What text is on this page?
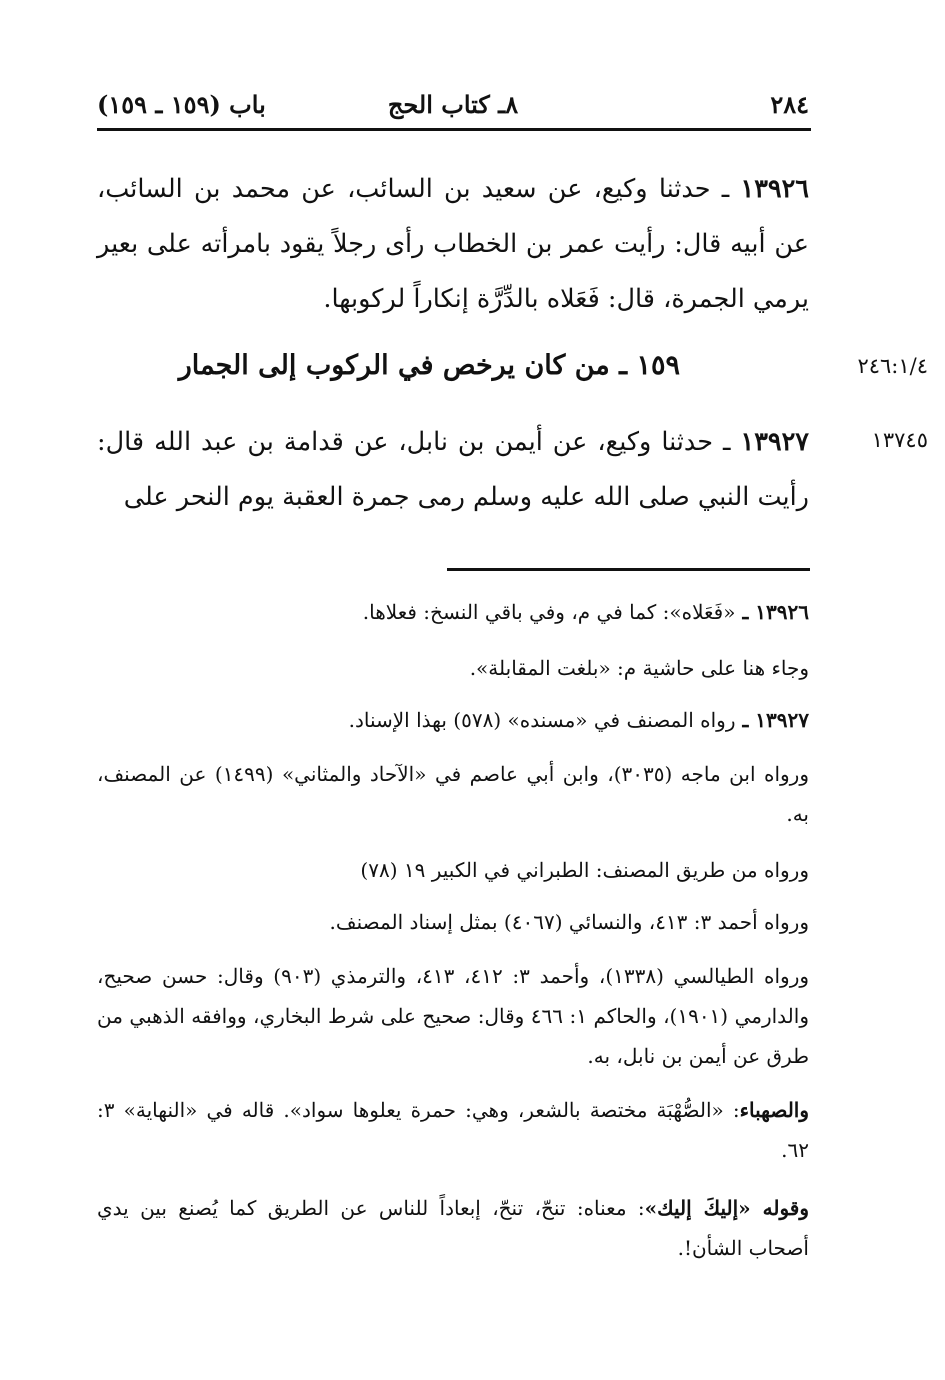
٢٨٤
٨ـ كتاب الحج
باب (١٥٩ ـ ١٥٩)
١٣٩٢٦ ـ حدثنا وكيع، عن سعيد بن السائب، عن محمد بن السائب، عن أبيه قال: رأيت عمر بن الخطاب رأى رجلاً يقود بامرأته على بعير يرمي الجمرة، قال: فَعَلاه بالدِّرَّة إنكاراً لركوبها.
٢٤٦:١/٤
١٥٩ ـ من كان يرخص في الركوب إلى الجمار
١٣٧٤٥
١٣٩٢٧ ـ حدثنا وكيع، عن أيمن بن نابل، عن قدامة بن عبد الله قال: رأيت النبي صلى الله عليه وسلم رمى جمرة العقبة يوم النحر على
١٣٩٢٦ ـ «فَعَلاه»: كما في م، وفي باقي النسخ: فعلاها.
وجاء هنا على حاشية م: «بلغت المقابلة».
١٣٩٢٧ ـ رواه المصنف في «مسنده» (٥٧٨) بهذا الإسناد.
ورواه ابن ماجه (٣٠٣٥)، وابن أبي عاصم في «الآحاد والمثاني» (١٤٩٩) عن المصنف، به.
ورواه من طريق المصنف: الطبراني في الكبير ١٩ (٧٨)
ورواه أحمد ٣: ٤١٣، والنسائي (٤٠٦٧) بمثل إسناد المصنف.
ورواه الطيالسي (١٣٣٨)، وأحمد ٣: ٤١٢، ٤١٣، والترمذي (٩٠٣) وقال: حسن صحيح، والدارمي (١٩٠١)، والحاكم ١: ٤٦٦ وقال: صحيح على شرط البخاري، ووافقه الذهبي من طرق عن أيمن بن نابل، به.
والصهباء: «الصُّهْبَة مختصة بالشعر، وهي: حمرة يعلوها سواد». قاله في «النهاية» ٣: ٦٢.
وقوله «إليكَ إليك»: معناه: تنحّ، تنحّ، إبعاداً للناس عن الطريق كما يُصنع بين يدي أصحاب الشأن!.
